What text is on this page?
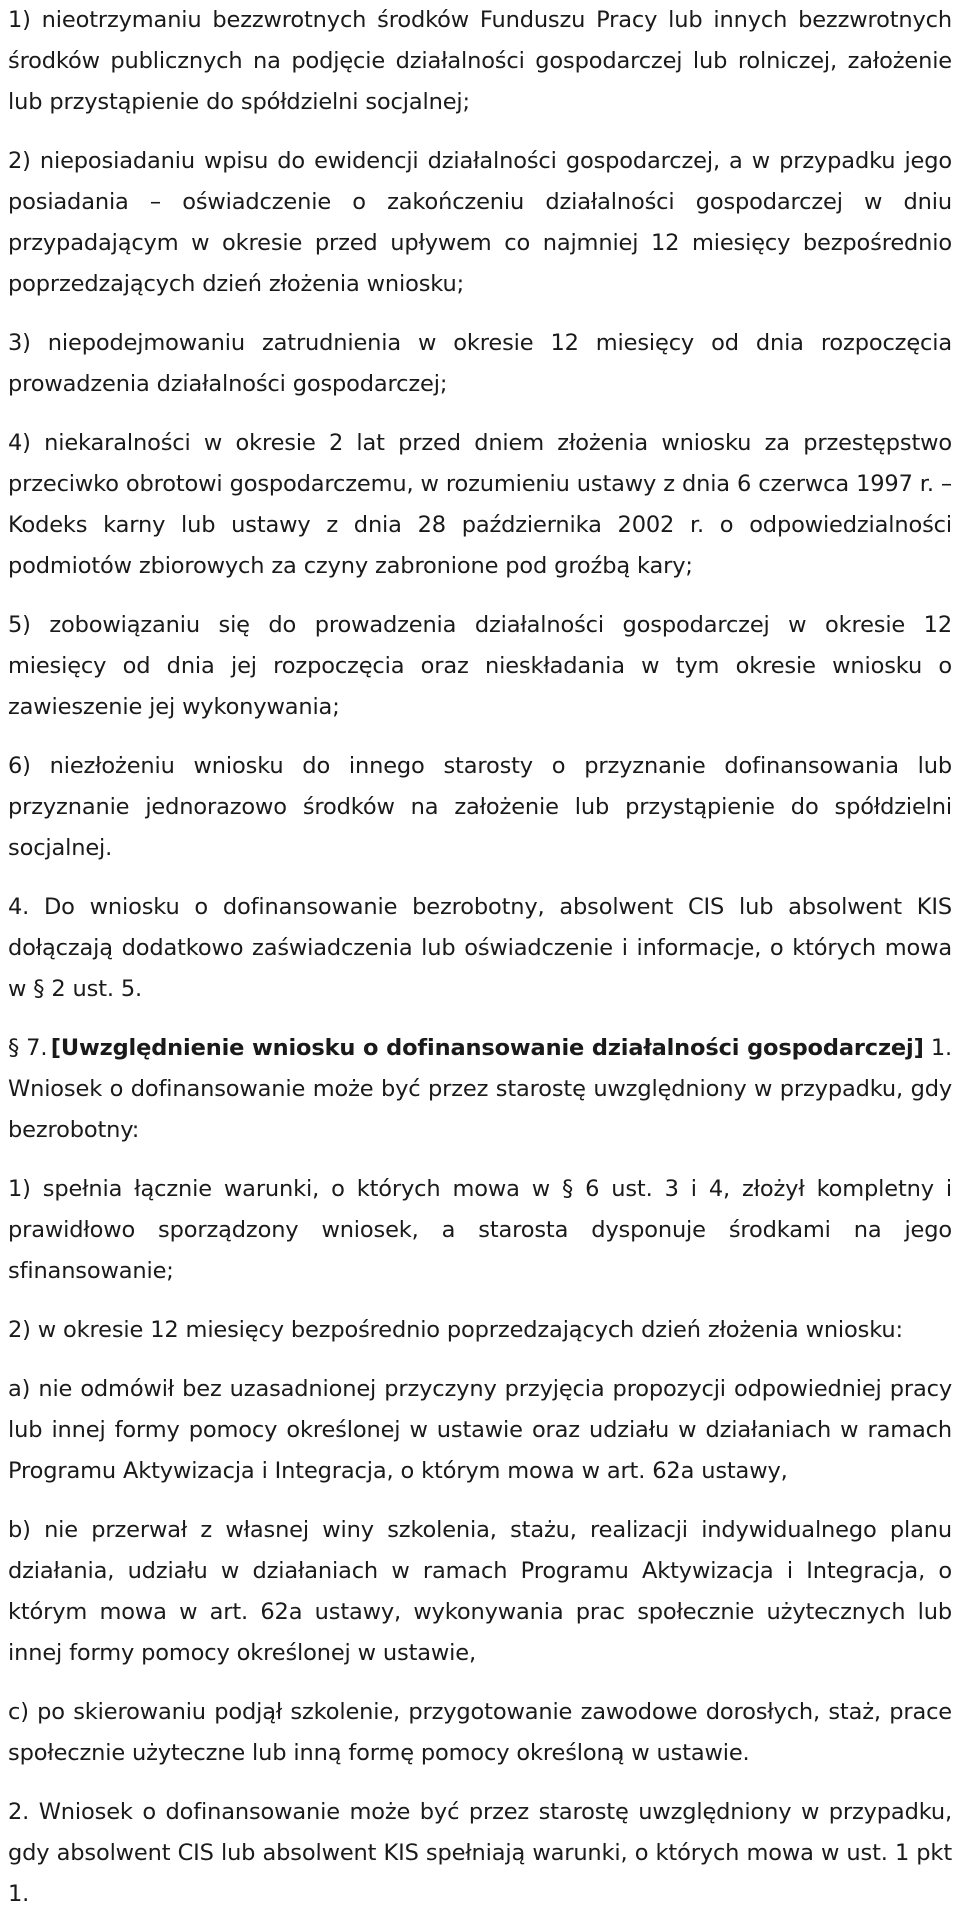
1) nieotrzymaniu bezzwrotnych środków Funduszu Pracy lub innych bezzwrotnych środków publicznych na podjęcie działalności gospodarczej lub rolniczej, założenie lub przystąpienie do spółdzielni socjalnej;

2) nieposiadaniu wpisu do ewidencji działalności gospodarczej, a w przypadku jego posiadania – oświadczenie o zakończeniu działalności gospodarczej w dniu przypadającym w okresie przed upływem co najmniej 12 miesięcy bezpośrednio poprzedzających dzień złożenia wniosku;

3) niepodejmowaniu zatrudnienia w okresie 12 miesięcy od dnia rozpoczęcia prowadzenia działalności gospodarczej;

4) niekaralności w okresie 2 lat przed dniem złożenia wniosku za przestępstwo przeciwko obrotowi gospodarczemu, w rozumieniu ustawy z dnia 6 czerwca 1997 r. – Kodeks karny lub ustawy z dnia 28 października 2002 r. o odpowiedzialności podmiotów zbiorowych za czyny zabronione pod groźbą kary;

5) zobowiązaniu się do prowadzenia działalności gospodarczej w okresie 12 miesięcy od dnia jej rozpoczęcia oraz nieskładania w tym okresie wniosku o zawieszenie jej wykonywania;

6) niezłożeniu wniosku do innego starosty o przyznanie dofinansowania lub przyznanie jednorazowo środków na założenie lub przystąpienie do spółdzielni socjalnej.

4. Do wniosku o dofinansowanie bezrobotny, absolwent CIS lub absolwent KIS dołączają dodatkowo zaświadczenia lub oświadczenie i informacje, o których mowa w § 2 ust. 5.

§ 7. [Uwzględnienie wniosku o dofinansowanie działalności gospodarczej] 1. Wniosek o dofinansowanie może być przez starostę uwzględniony w przypadku, gdy bezrobotny:

1) spełnia łącznie warunki, o których mowa w § 6 ust. 3 i 4, złożył kompletny i prawidłowo sporządzony wniosek, a starosta dysponuje środkami na jego sfinansowanie;

2) w okresie 12 miesięcy bezpośrednio poprzedzających dzień złożenia wniosku:

a) nie odmówił bez uzasadnionej przyczyny przyjęcia propozycji odpowiedniej pracy lub innej formy pomocy określonej w ustawie oraz udziału w działaniach w ramach Programu Aktywizacja i Integracja, o którym mowa w art. 62a ustawy,

b) nie przerwał z własnej winy szkolenia, stażu, realizacji indywidualnego planu działania, udziału w działaniach w ramach Programu Aktywizacja i Integracja, o którym mowa w art. 62a ustawy, wykonywania prac społecznie użytecznych lub innej formy pomocy określonej w ustawie,

c) po skierowaniu podjął szkolenie, przygotowanie zawodowe dorosłych, staż, prace społecznie użyteczne lub inną formę pomocy określoną w ustawie.

2. Wniosek o dofinansowanie może być przez starostę uwzględniony w przypadku, gdy absolwent CIS lub absolwent KIS spełniają warunki, o których mowa w ust. 1 pkt 1.
